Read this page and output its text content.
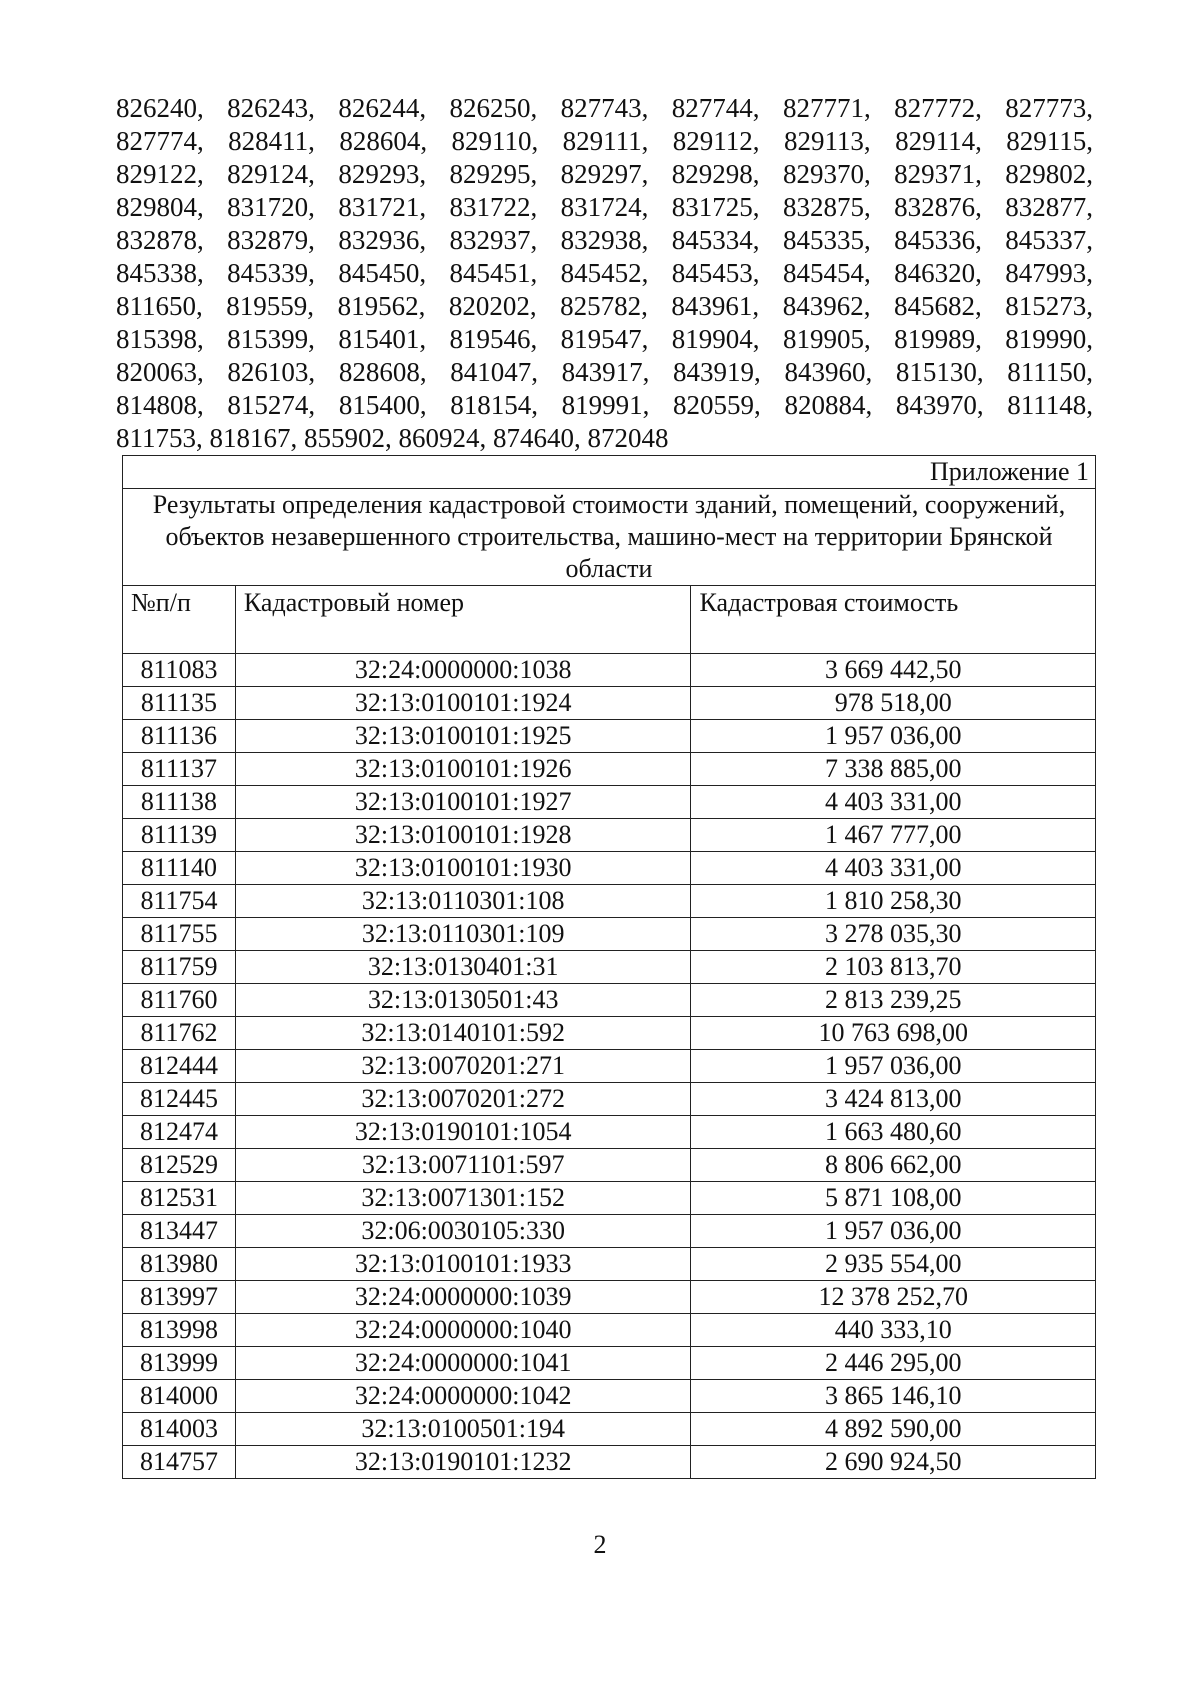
826240, 826243, 826244, 826250, 827743, 827744, 827771, 827772, 827773,
827774, 828411, 828604, 829110, 829111, 829112, 829113, 829114, 829115,
829122, 829124, 829293, 829295, 829297, 829298, 829370, 829371, 829802,
829804, 831720, 831721, 831722, 831724, 831725, 832875, 832876, 832877,
832878, 832879, 832936, 832937, 832938, 845334, 845335, 845336, 845337,
845338, 845339, 845450, 845451, 845452, 845453, 845454, 846320, 847993,
811650, 819559, 819562, 820202, 825782, 843961, 843962, 845682, 815273,
815398, 815399, 815401, 819546, 819547, 819904, 819905, 819989, 819990,
820063, 826103, 828608, 841047, 843917, 843919, 843960, 815130, 811150,
814808, 815274, 815400, 818154, 819991, 820559, 820884, 843970, 811148,
811753, 818167, 855902, 860924, 874640, 872048
Приложение 1		
Результаты определения кадастровой стоимости зданий, помещений, сооружений, объектов незавершенного строительства, машино-мест на территории Брянской области		
№п/п	Кадастровый номер	Кадастровая стоимость
811083	32:24:0000000:1038	3 669 442,50
811135	32:13:0100101:1924	978 518,00
811136	32:13:0100101:1925	1 957 036,00
811137	32:13:0100101:1926	7 338 885,00
811138	32:13:0100101:1927	4 403 331,00
811139	32:13:0100101:1928	1 467 777,00
811140	32:13:0100101:1930	4 403 331,00
811754	32:13:0110301:108	1 810 258,30
811755	32:13:0110301:109	3 278 035,30
811759	32:13:0130401:31	2 103 813,70
811760	32:13:0130501:43	2 813 239,25
811762	32:13:0140101:592	10 763 698,00
812444	32:13:0070201:271	1 957 036,00
812445	32:13:0070201:272	3 424 813,00
812474	32:13:0190101:1054	1 663 480,60
812529	32:13:0071101:597	8 806 662,00
812531	32:13:0071301:152	5 871 108,00
813447	32:06:0030105:330	1 957 036,00
813980	32:13:0100101:1933	2 935 554,00
813997	32:24:0000000:1039	12 378 252,70
813998	32:24:0000000:1040	440 333,10
813999	32:24:0000000:1041	2 446 295,00
814000	32:24:0000000:1042	3 865 146,10
814003	32:13:0100501:194	4 892 590,00
814757	32:13:0190101:1232	2 690 924,50
2
